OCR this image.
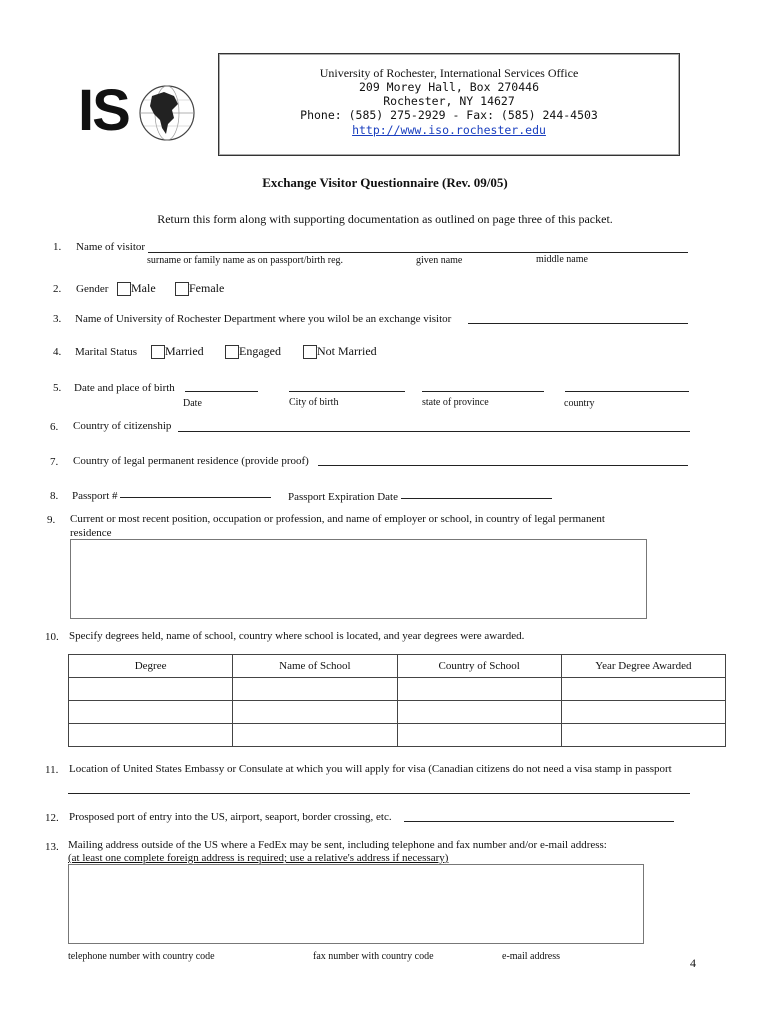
IS
University of Rochester, International Services Office
209 Morey Hall, Box 270446
Rochester, NY 14627
Phone: (585) 275-2929 - Fax: (585) 244-4503
http://www.iso.rochester.edu
Exchange Visitor Questionnaire (Rev. 09/05)
Return this form along with supporting documentation as outlined on page three of this packet.
1. Name of visitor
surname or family name as on passport/birth reg.	given name	middle name
2. Gender Male	Female
3. Name of University of Rochester Department where you wilol be an exchange visitor
4. Marital Status Married	Engaged	Not Married
5. Date and place of birth
Date	City of birth	state of province	country
6. Country of citizenship
7. Country of legal permanent residence (provide proof)
8. Passport #	Passport Expiration Date
9. Current or most recent position, occupation or profession, and name of employer or school, in country of legal permanent
residence
10. Specify degrees held, name of school, country where school is located, and year degrees were awarded.
Degree	Name of School	Country of School	Year Degree Awarded

11. Location of United States Embassy or Consulate at which you will apply for visa (Canadian citizens do not need a visa stamp in passport
12. Prosposed port of entry into the US, airport, seaport, border crossing, etc.
13. Mailing address outside of the US where a FedEx may be sent, including telephone and fax number and/or e-mail address:
(at least one complete foreign address is required; use a relative's address if necessary)
telephone number with country code	fax number with country code	e-mail address	4
